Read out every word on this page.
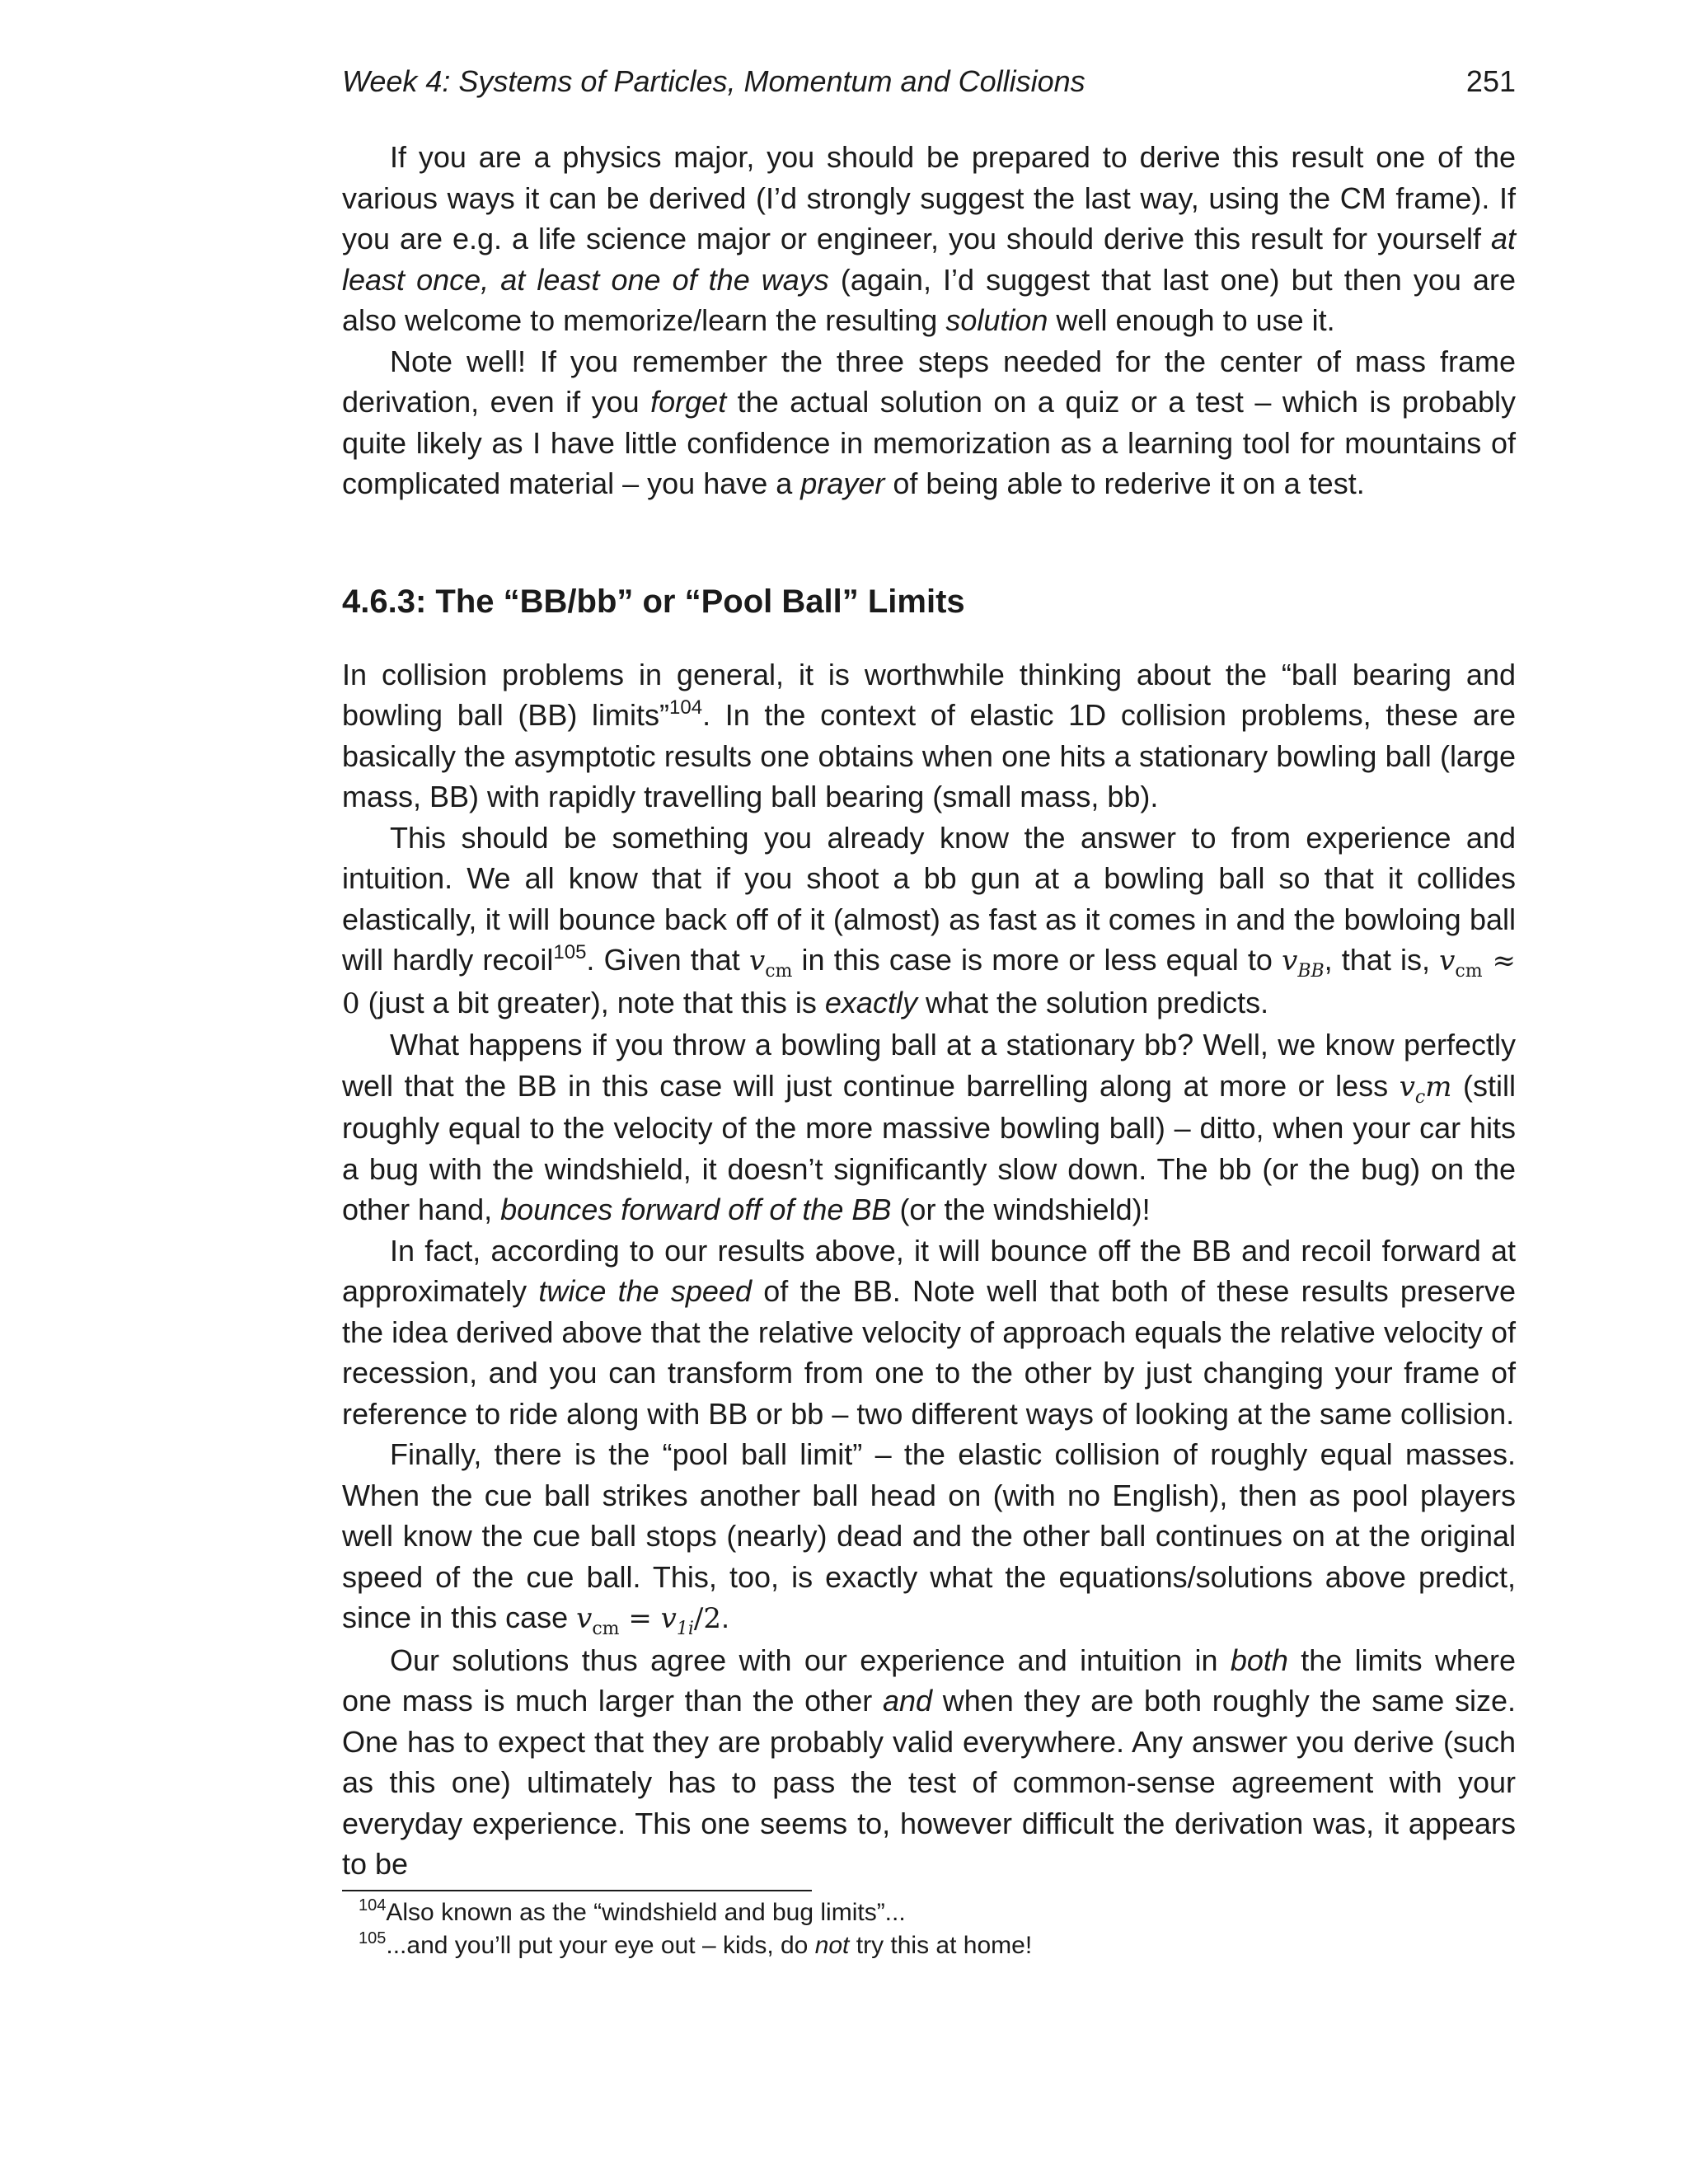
Week 4: Systems of Particles, Momentum and Collisions	251

If you are a physics major, you should be prepared to derive this result one of the various ways it can be derived (I’d strongly suggest the last way, using the CM frame). If you are e.g. a life science major or engineer, you should derive this result for yourself at least once, at least one of the ways (again, I’d suggest that last one) but then you are also welcome to memorize/learn the resulting solution well enough to use it.

Note well! If you remember the three steps needed for the center of mass frame derivation, even if you forget the actual solution on a quiz or a test – which is probably quite likely as I have little confidence in memorization as a learning tool for mountains of complicated material – you have a prayer of being able to rederive it on a test.

4.6.3: The “BB/bb” or “Pool Ball” Limits

In collision problems in general, it is worthwhile thinking about the “ball bearing and bowling ball (BB) limits”$^{104}$. In the context of elastic 1D collision problems, these are basically the asymptotic results one obtains when one hits a stationary bowling ball (large mass, BB) with rapidly travelling ball bearing (small mass, bb).

This should be something you already know the answer to from experience and intuition. We all know that if you shoot a bb gun at a bowling ball so that it collides elastically, it will bounce back off of it (almost) as fast as it comes in and the bowloing ball will hardly recoil$^{105}$. Given that $v_{cm}$ in this case is more or less equal to $v_{BB}$, that is, $v_{cm} \approx 0$ (just a bit greater), note that this is exactly what the solution predicts.

What happens if you throw a bowling ball at a stationary bb? Well, we know perfectly well that the BB in this case will just continue barrelling along at more or less $v_cm$ (still roughly equal to the velocity of the more massive bowling ball) – ditto, when your car hits a bug with the windshield, it doesn’t significantly slow down. The bb (or the bug) on the other hand, bounces forward off of the BB (or the windshield)!

In fact, according to our results above, it will bounce off the BB and recoil forward at approximately twice the speed of the BB. Note well that both of these results preserve the idea derived above that the relative velocity of approach equals the relative velocity of recession, and you can transform from one to the other by just changing your frame of reference to ride along with BB or bb – two different ways of looking at the same collision.

Finally, there is the “pool ball limit” – the elastic collision of roughly equal masses. When the cue ball strikes another ball head on (with no English), then as pool players well know the cue ball stops (nearly) dead and the other ball continues on at the original speed of the cue ball. This, too, is exactly what the equations/solutions above predict, since in this case $v_{cm} = v_{1i}/2$.

Our solutions thus agree with our experience and intuition in both the limits where one mass is much larger than the other and when they are both roughly the same size. One has to expect that they are probably valid everywhere. Any answer you derive (such as this one) ultimately has to pass the test of common-sense agreement with your everyday experience. This one seems to, however difficult the derivation was, it appears to be

$^{104}$Also known as the “windshield and bug limits”...
$^{105}$...and you’ll put your eye out – kids, do not try this at home!
